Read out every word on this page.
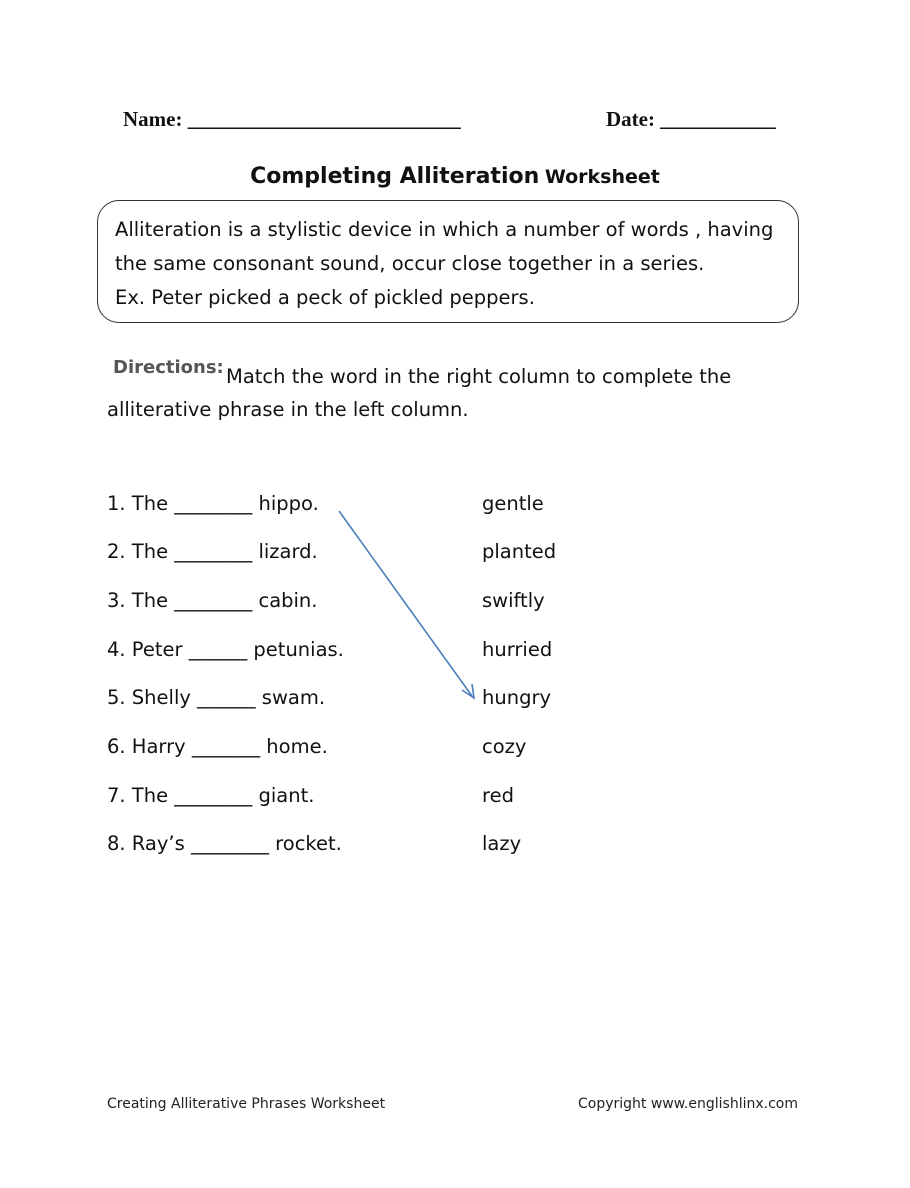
Name: __________________________	Date: ___________
Completing Alliteration Worksheet
Alliteration is a stylistic device in which a number of words , having
the same consonant sound, occur close together in a series.
Ex. Peter picked a peck of pickled peppers.
Directions: Match the word in the right column to complete the alliterative phrase in the left column.
1. The ________ hippo.
2. The ________ lizard.
3. The ________ cabin.
4. Peter ______ petunias.
5. Shelly ______ swam.
6. Harry _______ home.
7. The ________ giant.
8. Ray’s ________ rocket.
gentle
planted
swiftly
hurried
hungry
cozy
red
lazy
Creating Alliterative Phrases Worksheet	Copyright www.englishlinx.com
